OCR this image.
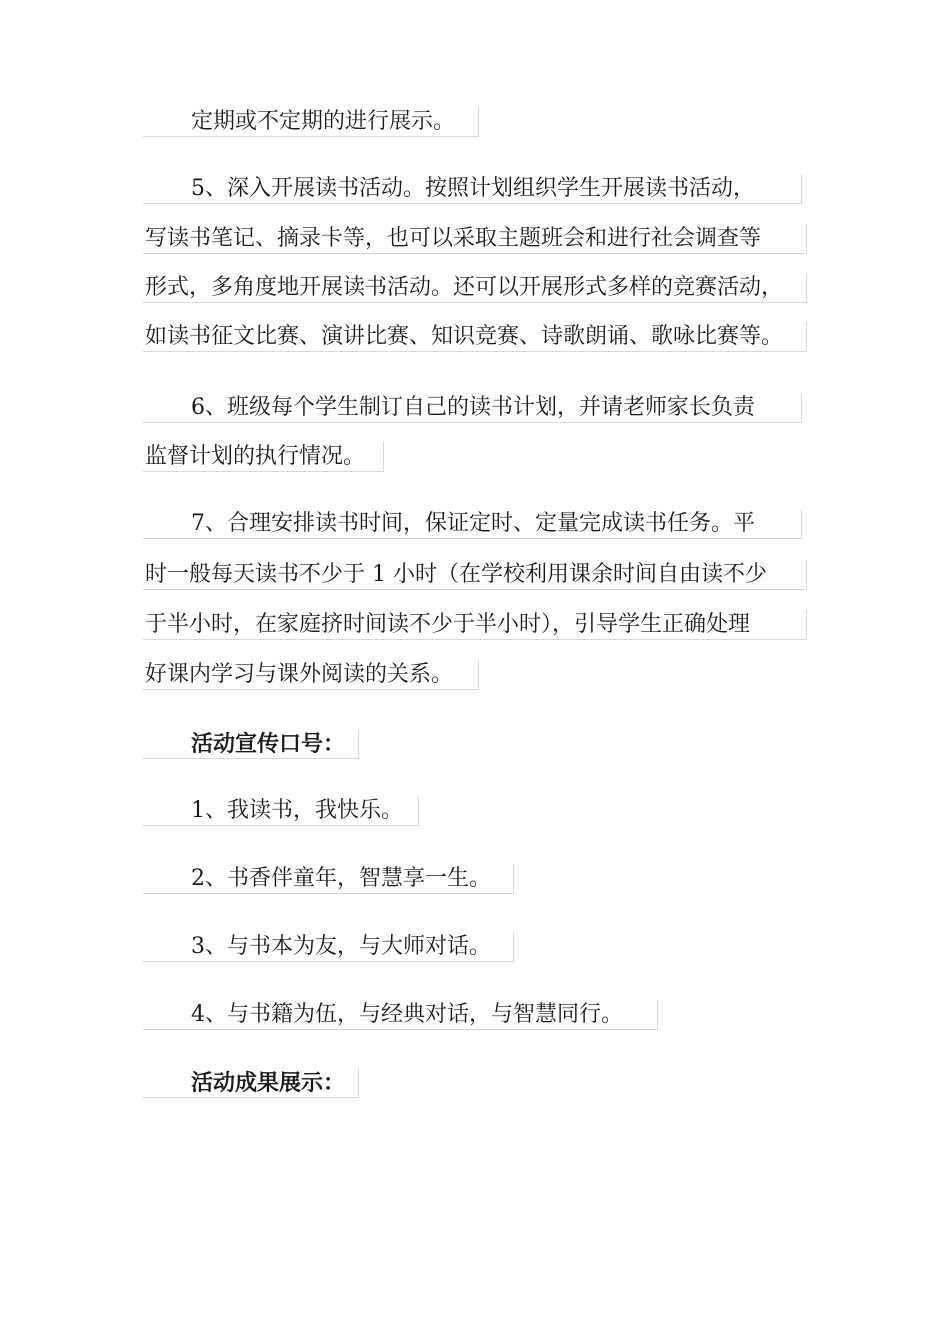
定期或不定期的进行展示。
5、深入开展读书活动。按照计划组织学生开展读书活动，
写读书笔记、摘录卡等，也可以采取主题班会和进行社会调查等
形式，多角度地开展读书活动。还可以开展形式多样的竞赛活动，
如读书征文比赛、演讲比赛、知识竞赛、诗歌朗诵、歌咏比赛等。
6、班级每个学生制订自己的读书计划，并请老师家长负责
监督计划的执行情况。
7、合理安排读书时间，保证定时、定量完成读书任务。平
时一般每天读书不少于 1 小时（在学校利用课余时间自由读不少
于半小时，在家庭挤时间读不少于半小时），引导学生正确处理
好课内学习与课外阅读的关系。
活动宣传口号：
1、我读书，我快乐。
2、书香伴童年，智慧享一生。
3、与书本为友，与大师对话。
4、与书籍为伍，与经典对话，与智慧同行。
活动成果展示：
